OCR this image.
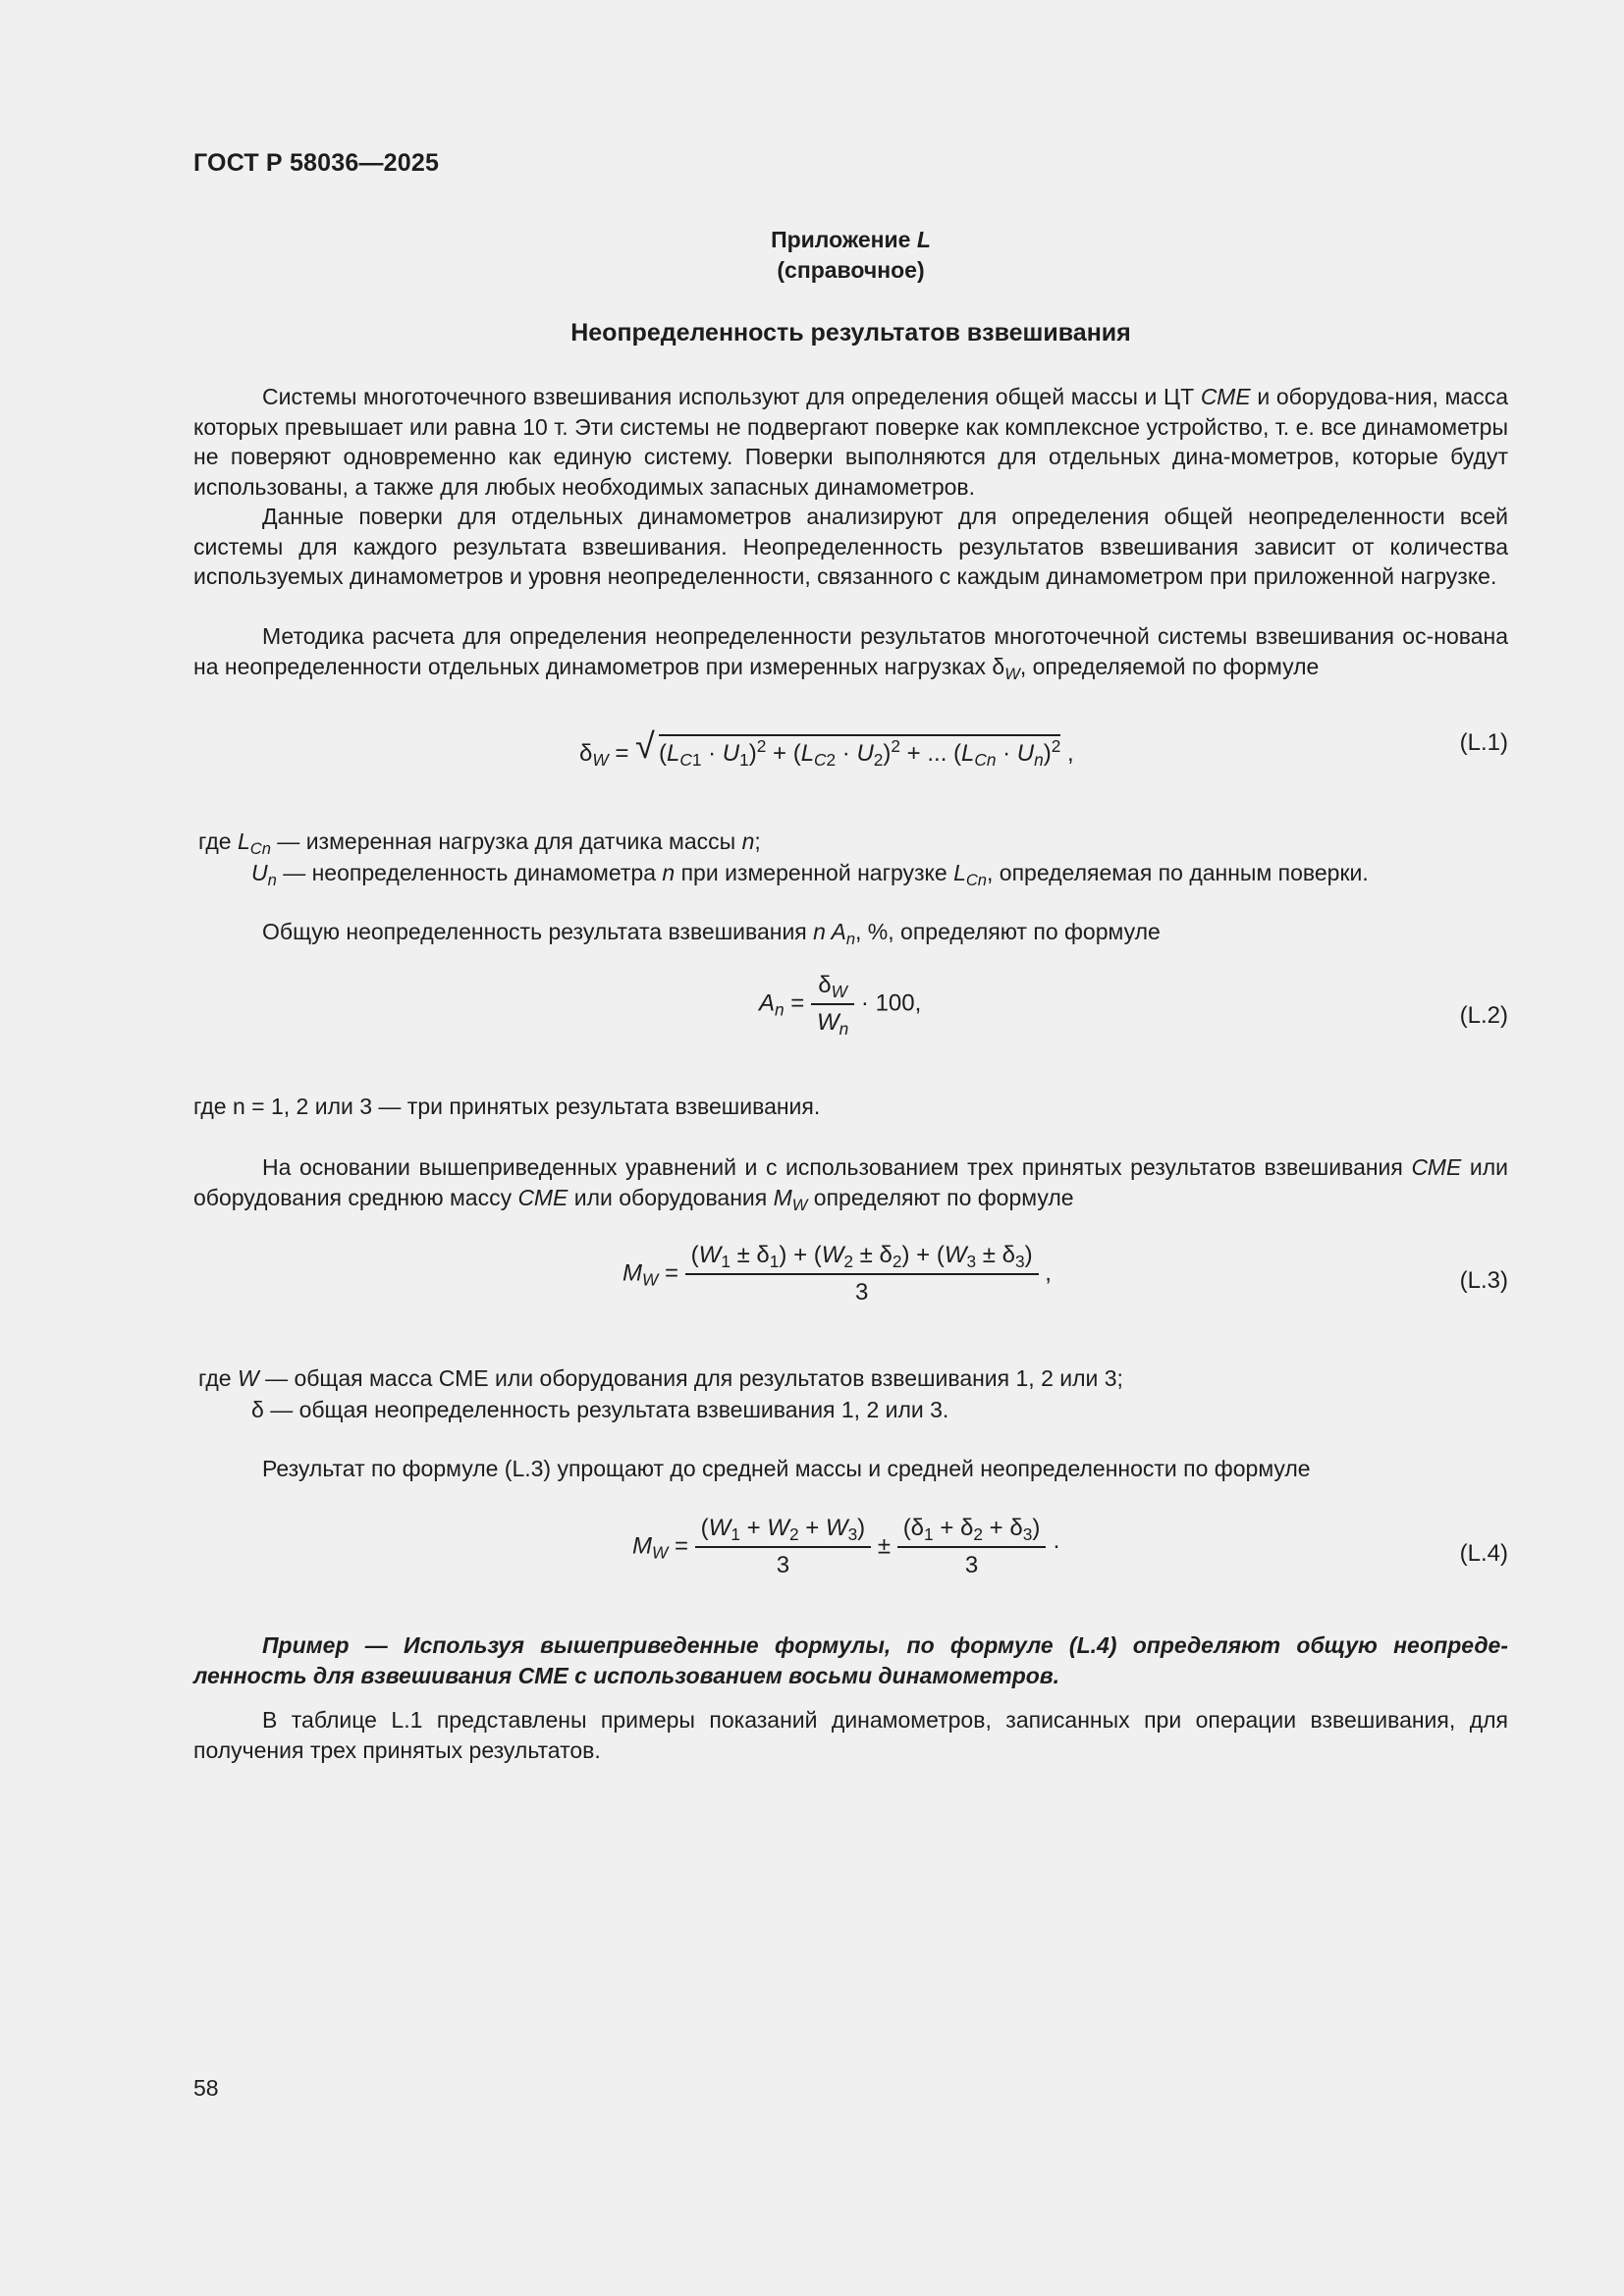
ГОСТ Р 58036—2025
Приложение L
(справочное)
Неопределенность результатов взвешивания
Системы многоточечного взвешивания используют для определения общей массы и ЦТ СМЕ и оборудова-ния, масса которых превышает или равна 10 т. Эти системы не подвергают поверке как комплексное устройство, т. е. все динамометры не поверяют одновременно как единую систему. Поверки выполняются для отдельных дина-мометров, которые будут использованы, а также для любых необходимых запасных динамометров.
Данные поверки для отдельных динамометров анализируют для определения общей неопределенности всей системы для каждого результата взвешивания. Неопределенность результатов взвешивания зависит от количества используемых динамометров и уровня неопределенности, связанного с каждым динамометром при приложенной нагрузке.
Методика расчета для определения неопределенности результатов многоточечной системы взвешивания ос-нована на неопределенности отдельных динамометров при измеренных нагрузках $\delta_W$, определяемой по формуле
$\delta_W$ = √ $(L_{C1} \cdot U_1)^2 + (L_{C2} \cdot U_2)^2$ + ... $(L_{Cn} \cdot U_n)^2$ ,	(L.1)
где $L_{Cn}$ — измеренная нагрузка для датчика массы n;
$U_n$ — неопределенность динамометра n при измеренной нагрузке $L_{Cn}$, определяемая по данным поверки.
Общую неопределенность результата взвешивания n $A_n$, %, определяют по формуле
$A_n = \frac{\delta_W}{W_n} \cdot 100$,	(L.2)
где n = 1, 2 или 3 — три принятых результата взвешивания.
На основании вышеприведенных уравнений и с использованием трех принятых результатов взвешивания СМЕ или оборудования среднюю массу СМЕ или оборудования $M_W$ определяют по формуле
$M_W = \frac{(W_1 \pm \delta_1) + (W_2 \pm \delta_2) + (W_3 \pm \delta_3)}{3}$ ,	(L.3)
где W — общая масса СМЕ или оборудования для результатов взвешивания 1, 2 или 3;
δ — общая неопределенность результата взвешивания 1, 2 или 3.
Результат по формуле (L.3) упрощают до средней массы и средней неопределенности по формуле
$M_W = \frac{(W_1 + W_2 + W_3)}{3} \pm \frac{(\delta_1 + \delta_2 + \delta_3)}{3}$ ·	(L.4)
Пример — Используя вышеприведенные формулы, по формуле (L.4) определяют общую неопреде-ленность для взвешивания СМЕ с использованием восьми динамометров.
В таблице L.1 представлены примеры показаний динамометров, записанных при операции взвешивания, для получения трех принятых результатов.
58
